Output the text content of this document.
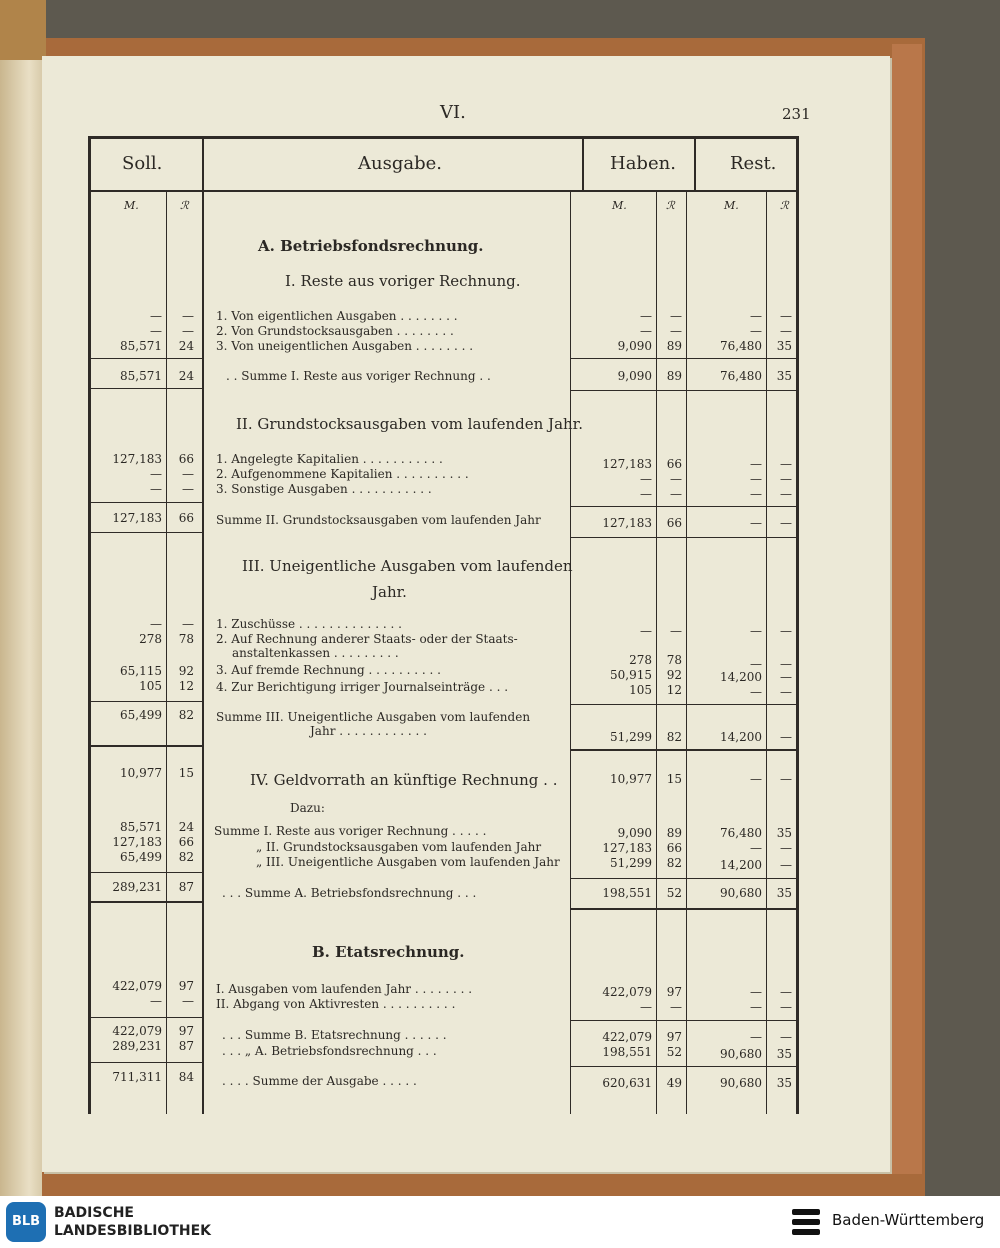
VI.	231
Soll.	Ausgabe.	Haben.	Rest.
M.	ℛ	M.	ℛ	M.	ℛ
A. Betriebsfondsrechnung.
I. Reste aus voriger Rechnung.
—	— 1. Von eigentlichen Ausgaben . . . . . . . .	—	—	—	—
—	— 2. Von Grundstocksausgaben . . . . . . . .	—	—	—	—
85,571	24 3. Von uneigentlichen Ausgaben . . . . . . . .	9,090	89	76,480	35
85,571	24	. . Summe I. Reste aus voriger Rechnung . .	9,090	89	76,480	35
II. Grundstocksausgaben vom laufenden Jahr.
127,183	66 1. Angelegte Kapitalien . . . . . . . . . . .	127,183	66	—	—
—	— 2. Aufgenommene Kapitalien . . . . . . . . . .	—	—	—	—
—	— 3. Sonstige Ausgaben . . . . . . . . . . .	—	—	—	—
127,183	66 Summe II. Grundstocksausgaben vom laufenden Jahr	127,183	66	—	—
III. Uneigentliche Ausgaben vom laufenden
Jahr.
—	— 1. Zuschüsse . . . . . . . . . . . . . .	—	—	—	—
278	78 2. Auf Rechnung anderer Staats- oder der Staats-
anstaltenkassen . . . . . . . . .	278	78	—	—
65,115	92 3. Auf fremde Rechnung . . . . . . . . . .	50,915	92	14,200	—
105	12 4. Zur Berichtigung irriger Journalseinträge . . .	105	12	—	—
65,499	82 Summe III. Uneigentliche Ausgaben vom laufenden
Jahr . . . . . . . . . . . .	51,299	82	14,200	—
10,977	15	IV. Geldvorrath an künftige Rechnung . .	10,977	15	—	—
Dazu:
85,571	24 Summe I. Reste aus voriger Rechnung . . . . .	9,090	89	76,480	35
127,183	66	„ II. Grundstocksausgaben vom laufenden Jahr	127,183	66	—	—
65,499	82	„ III. Uneigentliche Ausgaben vom laufenden Jahr	51,299	82	14,200	—
289,231	87 . . . Summe A. Betriebsfondsrechnung . . .	198,551	52	90,680	35
B. Etatsrechnung.
422,079	97 I. Ausgaben vom laufenden Jahr . . . . . . . .	422,079	97	—	—
—	— II. Abgang von Aktivresten . . . . . . . . . .	—	—	—	—
422,079	97 . . . Summe B. Etatsrechnung . . . . . .	422,079	97	—	—
289,231	87 . . . „ A. Betriebsfondsrechnung . . .	198,551	52	90,680	35
711,311	84 . . . . Summe der Ausgabe . . . . .	620,631	49	90,680	35
BLB
BADISCHE
LANDESBIBLIOTHEK
Baden-Württemberg
